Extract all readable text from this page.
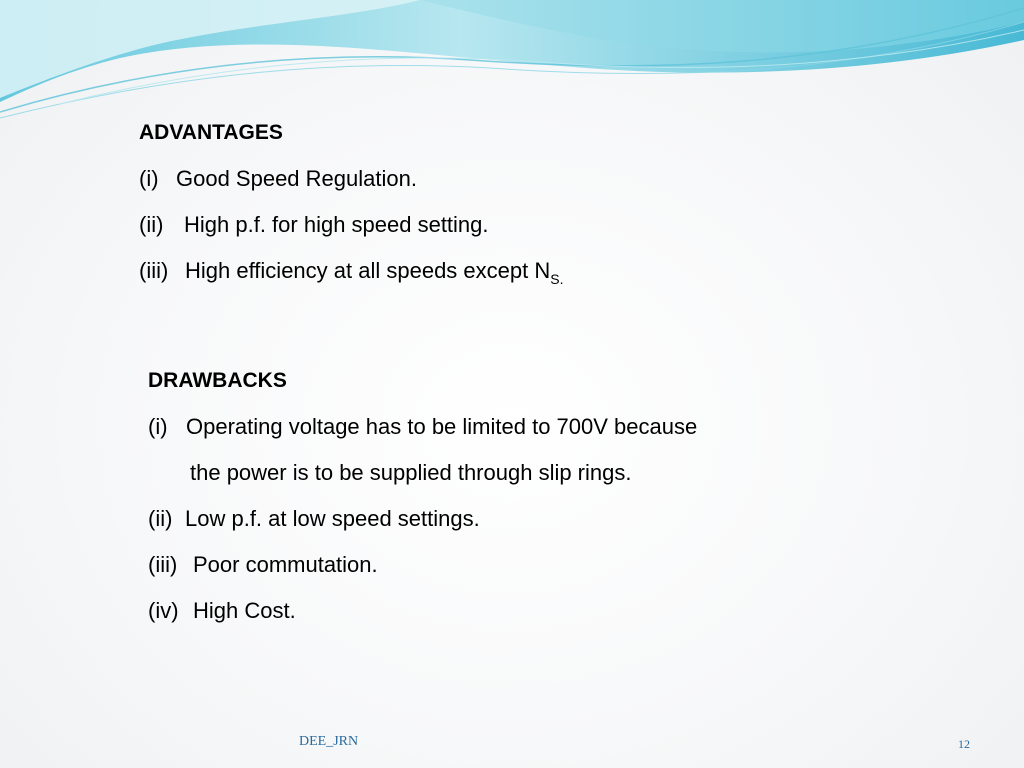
ADVANTAGES
(i) Good Speed Regulation.
(ii) High p.f. for high speed setting.
(iii) High efficiency at all speeds except $N_{S.}$
DRAWBACKS
(i) Operating voltage has to be limited to 700V because
the power is to be supplied through slip rings.
(ii) Low p.f. at low speed settings.
(iii) Poor commutation.
(iv) High Cost.
DEE_JRN	12
